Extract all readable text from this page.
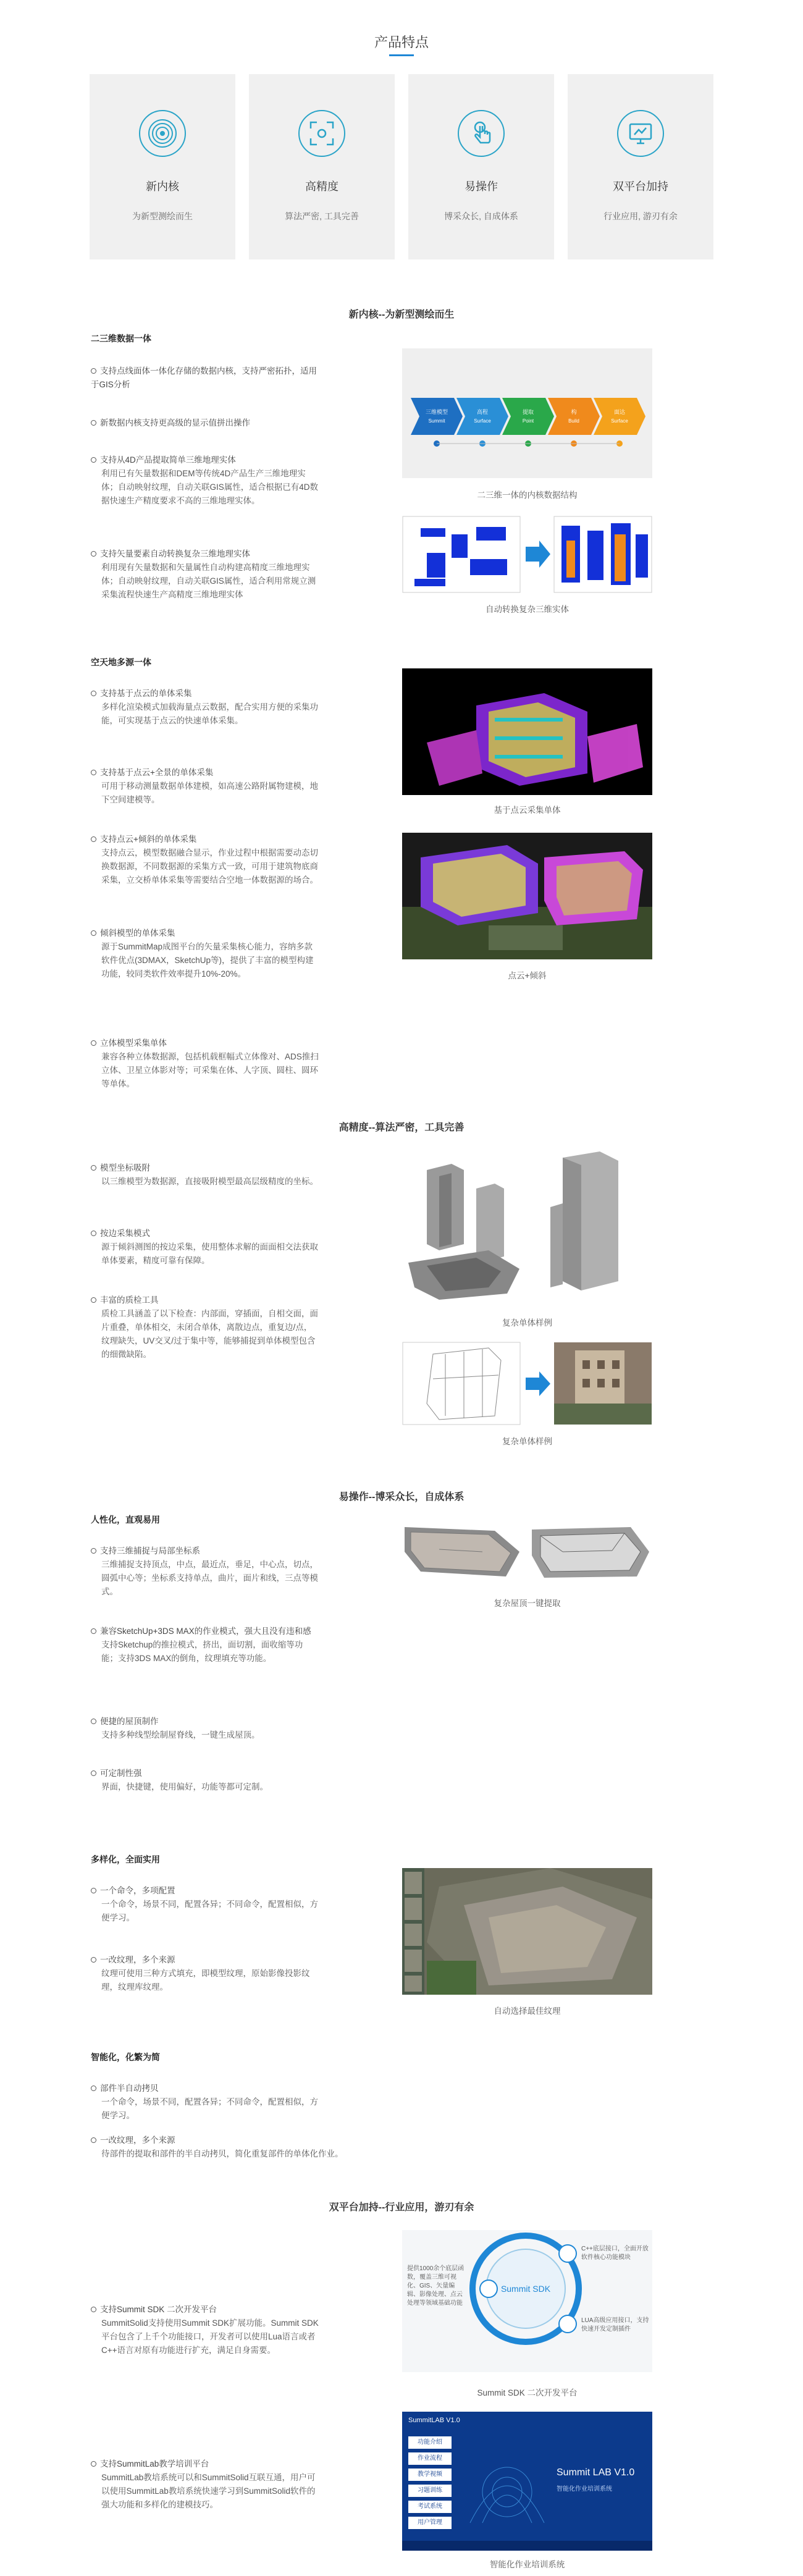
产品特点
新内核
为新型测绘而生
高精度
算法严密, 工具完善
易操作
博采众长, 自成体系
双平台加持
行业应用, 游刃有余
新内核--为新型测绘而生
二三维数据一体
支持点线面体一体化存储的数据内核，支持严密拓扑，适用于GIS分析
新数据内核支持更高级的显示值拼出操作
支持从4D产品提取简单三维地理实体
利用已有矢量数据和DEM等传统4D产品生产三维地理实体；自动映射纹理，自动关联GIS属性，适合根据已有4D数据快速生产精度要求不高的三维地理实体。
支持矢量要素自动转换复杂三维地理实体
利用现有矢量数据和矢量属性自动构建高精度三维地理实体；自动映射纹理，自动关联GIS属性，适合利用常规立测采集流程快速生产高精度三维地理实体
三维模型
Summit
高程
Surface
提取
Point
构
Build
面达
Surface
二三维一体的内核数据结构
自动转换复杂三维实体
空天地多源一体
支持基于点云的单体采集
多样化渲染模式加载海量点云数据，配合实用方便的采集功能，可实现基于点云的快速单体采集。
支持基于点云+全景的单体采集
可用于移动测量数据单体建模，如高速公路附属物建模，地下空间建模等。
支持点云+倾斜的单体采集
支持点云，模型数据融合显示，作业过程中根据需要动态切换数据源，不同数据源的采集方式一致，可用于建筑物底商采集，立交桥单体采集等需要结合空地一体数据源的场合。
倾斜模型的单体采集
源于SummitMap成图平台的矢量采集核心能力，容纳多款软件优点(3DMAX，SketchUp等)，提供了丰富的模型构建功能，较同类软件效率提升10%-20%。
立体模型采集单体
兼容各种立体数据源，包括机载框幅式立体像对、ADS推扫立体、卫星立体影对等；可采集在体、人字顶、圆柱、圆环等单体。
基于点云采集单体
点云+倾斜
高精度--算法严密，工具完善
模型坐标吸附
以三维模型为数据源，直接吸附模型最高层级精度的坐标。
按边采集模式
源于倾斜测图的按边采集，使用整体求解的面面相交法获取单体要素，精度可靠有保障。
丰富的质检工具
质检工具涵盖了以下检查：内部面，穿插面，自相交面，面片重叠，单体相交，未闭合单体，离散边点，重复边/点，纹理缺失，UV交叉/过于集中等，能够捕捉到单体模型包含的细微缺陷。
复杂单体样例
复杂单体样例
易操作--博采众长，自成体系
人性化，直观易用
支持三维捕捉与局部坐标系
三维捕捉支持顶点，中点，最近点，垂足，中心点，切点，圆弧中心等；坐标系支持单点，曲片，面片和线，三点等模式。
兼容SketchUp+3DS MAX的作业模式，强大且没有违和感
支持Sketchup的推拉模式，挤出，面切割，面收缩等功能；支持3DS MAX的倒角，纹理填充等功能。
便捷的屋顶制作
支持多种线型绘制屋脊线，一键生成屋顶。
可定制性强
界面，快捷键，使用偏好，功能等都可定制。
复杂屋顶一键提取
多样化，全面实用
一个命令，多项配置
一个命令，场景不同，配置各异；不同命令，配置相似，方便学习。
一改纹理，多个来源
纹理可使用三种方式填充，即模型纹理，原始影像投影纹理，纹理库纹理。
自动选择最佳纹理
智能化，化繁为简
部件半自动拷贝
一个命令，场景不同，配置各异；不同命令，配置相似，方便学习。
一改纹理，多个来源
待部件的提取和部件的半自动拷贝，简化重复部件的单体化作业。
双平台加持--行业应用，游刃有余
支持Summit SDK 二次开发平台
SummitSolid支持使用Summit SDK扩展功能。Summit SDK平台包含了上千个功能接口，开发者可以使用Lua语言或者C++语言对原有功能进行扩充，满足自身需要。
支持SummitLab教学培训平台
SummitLab教培系统可以和SummitSolid互联互通，用户可以使用SummitLab教培系统快速学习到SummitSolid软件的强大功能和多样化的建模技巧。
Summit SDK
提供1000余个底层函数，覆盖三维可视化、GIS、矢量编辑、影像处理、点云处理等领域基础功能
C++底层接口，全面开放软件核心功能模块
LUA高级应用接口，支持快速开发定制插件
Summit SDK 二次开发平台
SummitLAB V1.0
功能介绍
作业流程
教学视频
习题训练
考试系统
用户管理
Summit LAB V1.0
智能化作业培训系统
智能化作业培训系统
